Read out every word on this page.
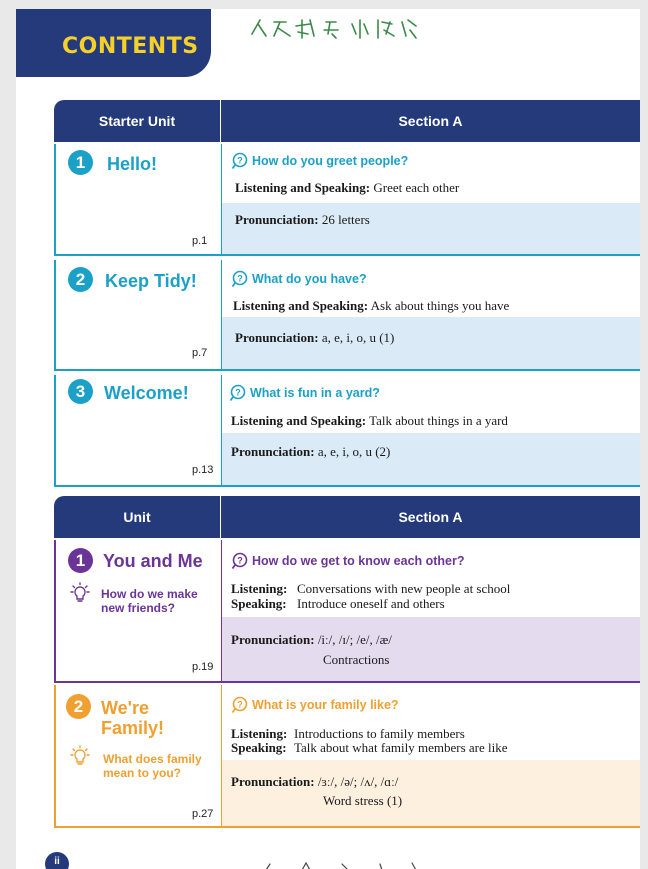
CONTENTS
Starter Unit	Section A
1	Hello!
p.1
? How do you greet people?
Listening and Speaking: Greet each other
Pronunciation: 26 letters
2	Keep Tidy!
p.7
? What do you have?
Listening and Speaking: Ask about things you have
Pronunciation: a, e, i, o, u (1)
3	Welcome!
p.13
? What is fun in a yard?
Listening and Speaking: Talk about things in a yard
Pronunciation: a, e, i, o, u (2)
Unit	Section A
1 You and Me
How do we make
new friends?
p.19
? How do we get to know each other?
Listening: Conversations with new people at school
Speaking: Introduce oneself and others
Pronunciation: /iː/, /ɪ/; /e/, /æ/
Contractions
2 We're
Family!
What does family
mean to you?
p.27
? What is your family like?
Listening: Introductions to family members
Speaking: Talk about what family members are like
Pronunciation: /ɜː/, /ə/; /ʌ/, /ɑː/
Word stress (1)
ii
